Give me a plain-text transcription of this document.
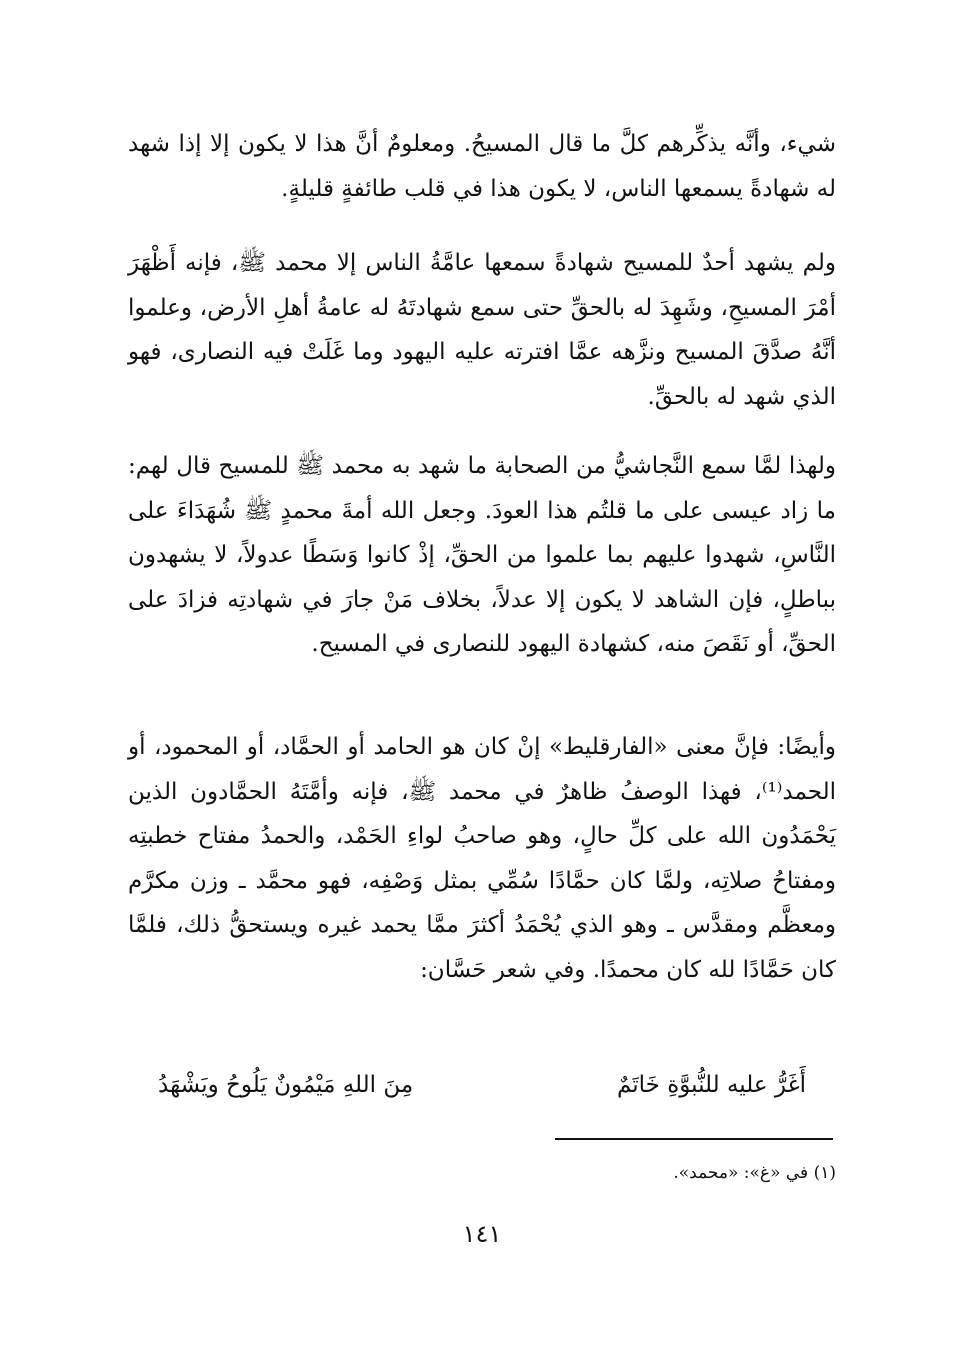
شيء، وأنَّه يذكِّرهم كلَّ ما قال المسيحُ. ومعلومٌ أنَّ هذا لا يكون إلا إذا شهد له شهادةً يسمعها الناس، لا يكون هذا في قلب طائفةٍ قليلةٍ.

ولم يشهد أحدٌ للمسيح شهادةً سمعها عامَّةُ الناس إلا محمد ﷺ، فإنه أَظْهَرَ أمْرَ المسيحِ، وشَهِدَ له بالحقِّ حتى سمع شهادتَهُ له عامةُ أهلِ الأرض، وعلموا أنَّهُ صدَّقَ المسيح ونزَّهه عمَّا افترته عليه اليهود وما غَلَتْ فيه النصارى، فهو الذي شهد له بالحقِّ.

ولهذا لمَّا سمع النَّجاشيُّ من الصحابة ما شهد به محمد ﷺ للمسيح قال لهم: ما زاد عيسى على ما قلتُم هذا العودَ. وجعل الله أمةَ محمدٍ ﷺ شُهَدَاءَ على النَّاسِ، شهدوا عليهم بما علموا من الحقِّ، إذْ كانوا وَسَطًا عدولاً، لا يشهدون بباطلٍ، فإن الشاهد لا يكون إلا عدلاً، بخلاف مَنْ جارَ في شهادتِه فزادَ على الحقِّ، أو نَقَصَ منه، كشهادة اليهود للنصارى في المسيح.

وأيضًا: فإنَّ معنى «الفارقليط» إنْ كان هو الحامد أو الحمَّاد، أو المحمود، أو الحمد⁽¹⁾، فهذا الوصفُ ظاهرٌ في محمد ﷺ، فإنه وأمَّتَهُ الحمَّادون الذين يَحْمَدُون الله على كلِّ حالٍ، وهو صاحبُ لواءِ الحَمْد، والحمدُ مفتاح خطبتِه ومفتاحُ صلاتِه، ولمَّا كان حمَّادًا سُمِّي بمثل وَصْفِه، فهو محمَّد ـ وزن مكرَّم ومعظَّم ومقدَّس ـ وهو الذي يُحْمَدُ أكثرَ ممَّا يحمد غيره ويستحقُّ ذلك، فلمَّا كان حَمَّادًا لله كان محمدًا. وفي شعر حَسَّان:

أَغَرُّ عليه للنُّبوَّةِ خَاتَمٌ
مِنَ اللهِ مَيْمُونٌ يَلُوحُ ويَشْهَدُ
(١) في «غ»: «محمد».
١٤١
